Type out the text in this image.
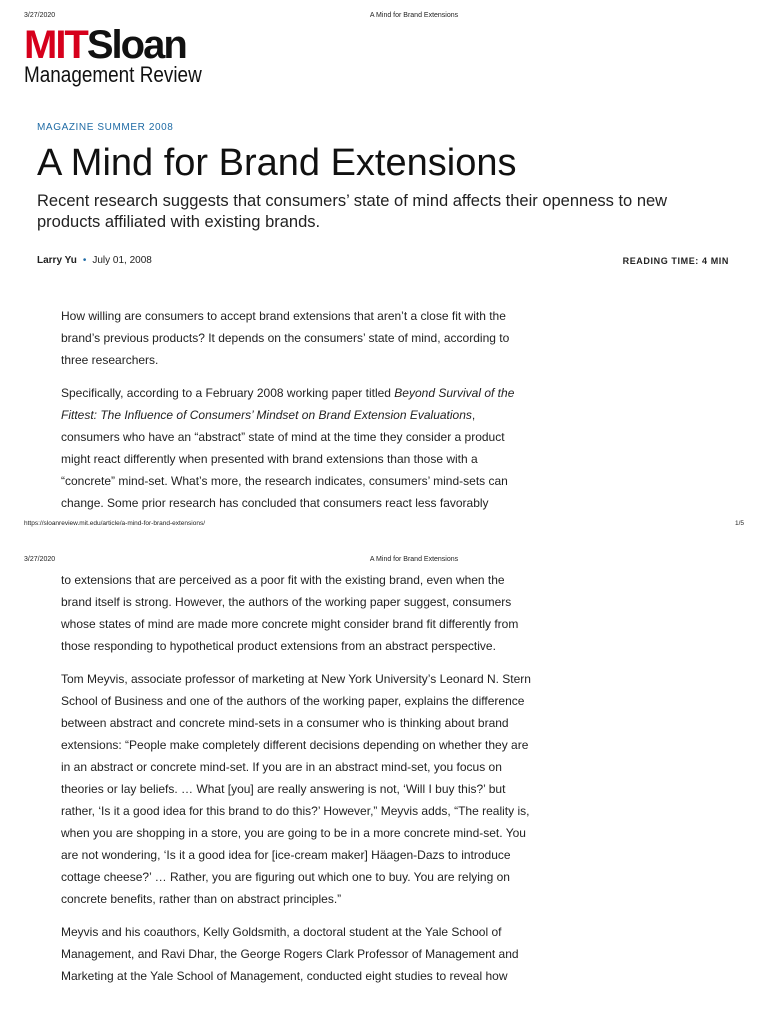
3/27/2020	A Mind for Brand Extensions
MITSloan
Management Review
MAGAZINE SUMMER 2008
A Mind for Brand Extensions

Recent research suggests that consumers’ state of mind affects their openness to new products affiliated with existing brands.

Larry Yu • July 01, 2008	READING TIME: 4 MIN

How willing are consumers to accept brand extensions that aren’t a close fit with the brand’s previous products? It depends on the consumers’ state of mind, according to three researchers.

Specifically, according to a February 2008 working paper titled Beyond Survival of the Fittest: The Influence of Consumers’ Mindset on Brand Extension Evaluations, consumers who have an “abstract” state of mind at the time they consider a product might react differently when presented with brand extensions than those with a “concrete” mind-set. What’s more, the research indicates, consumers’ mind-sets can change. Some prior research has concluded that consumers react less favorably

https://sloanreview.mit.edu/article/a-mind-for-brand-extensions/	1/5
3/27/2020	A Mind for Brand Extensions

to extensions that are perceived as a poor fit with the existing brand, even when the brand itself is strong. However, the authors of the working paper suggest, consumers whose states of mind are made more concrete might consider brand fit differently from those responding to hypothetical product extensions from an abstract perspective.

Tom Meyvis, associate professor of marketing at New York University’s Leonard N. Stern School of Business and one of the authors of the working paper, explains the difference between abstract and concrete mind-sets in a consumer who is thinking about brand extensions: “People make completely different decisions depending on whether they are in an abstract or concrete mind-set. If you are in an abstract mind-set, you focus on theories or lay beliefs. … What [you] are really answering is not, ‘Will I buy this?’ but rather, ‘Is it a good idea for this brand to do this?’ However,” Meyvis adds, “The reality is, when you are shopping in a store, you are going to be in a more concrete mind-set. You are not wondering, ‘Is it a good idea for [ice-cream maker] Häagen-Dazs to introduce cottage cheese?’ … Rather, you are figuring out which one to buy. You are relying on concrete benefits, rather than on abstract principles.”

Meyvis and his coauthors, Kelly Goldsmith, a doctoral student at the Yale School of Management, and Ravi Dhar, the George Rogers Clark Professor of Management and Marketing at the Yale School of Management, conducted eight studies to reveal how
